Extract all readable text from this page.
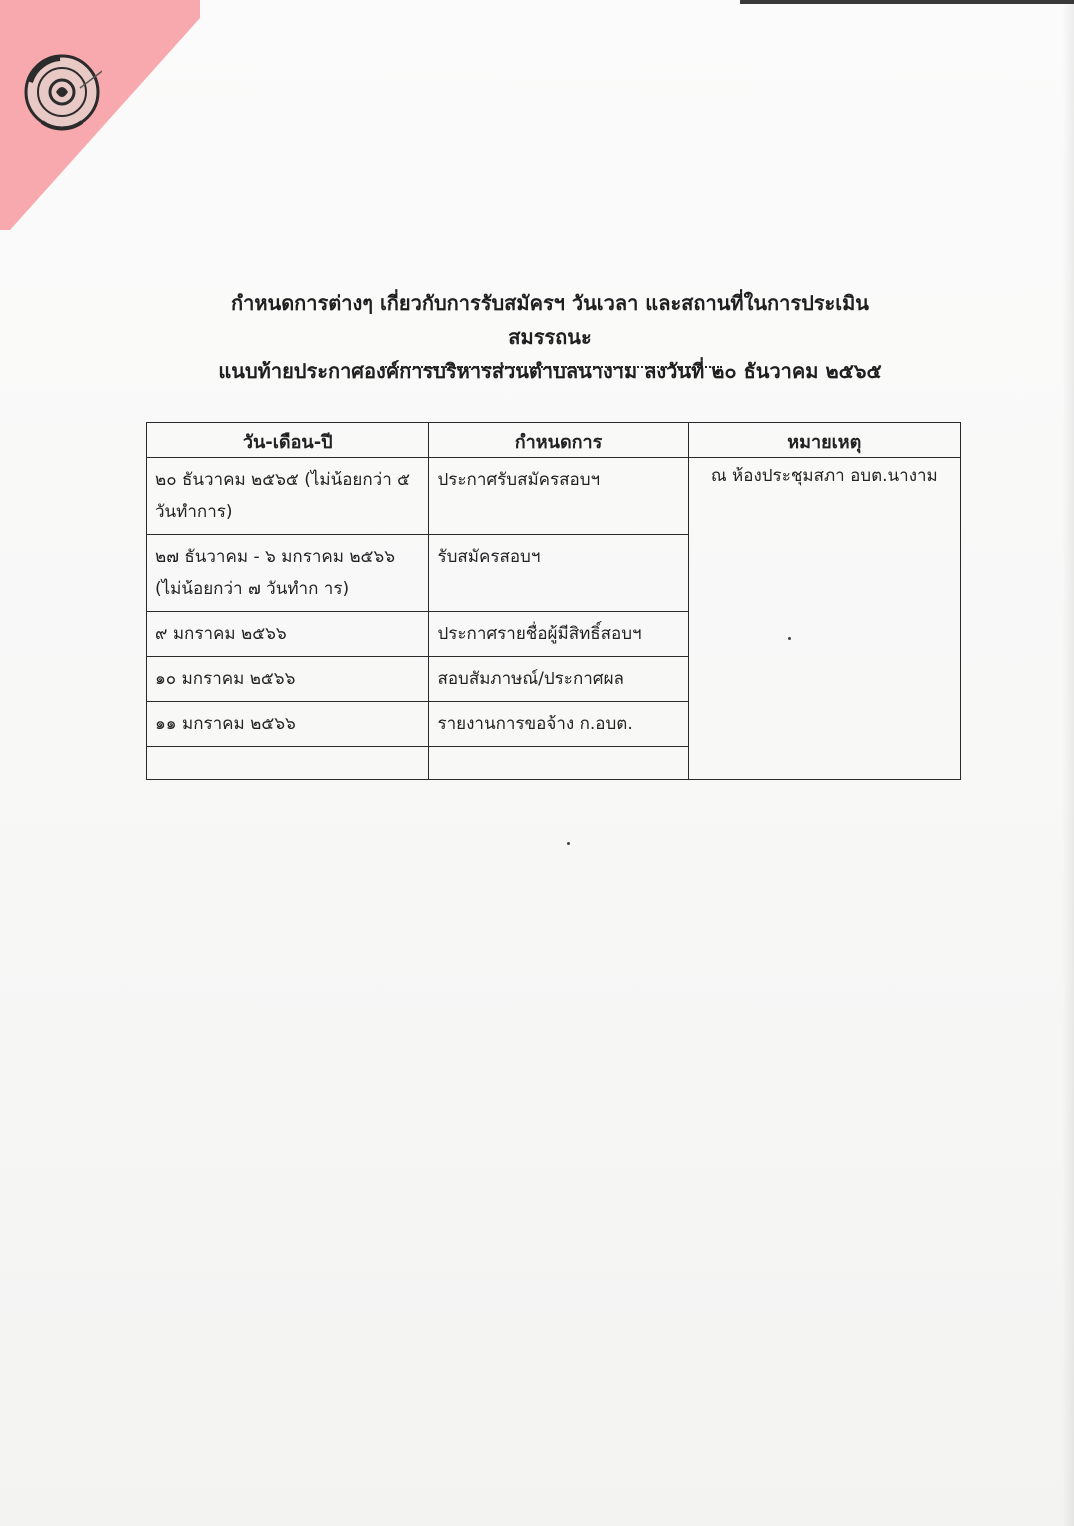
กำหนดการต่างๆ เกี่ยวกับการรับสมัครฯ วันเวลา และสถานที่ในการประเมินสมรรถนะ
แนบท้ายประกาศองค์การบริหารส่วนตำบลนางาม ลงวันที่ ๒๐ ธันวาคม ๒๕๖๕
วัน-เดือน-ปี	กำหนดการ	หมายเหตุ
๒๐ ธันวาคม ๒๕๖๕ (ไม่น้อยกว่า ๕ วันทำการ)	ประกาศรับสมัครสอบฯ	ณ ห้องประชุมสภา อบต.นางาม
๒๗ ธันวาคม - ๖ มกราคม ๒๕๖๖ (ไม่น้อยกว่า ๗ วันทำก าร)	รับสมัครสอบฯ	
๙ มกราคม ๒๕๖๖	ประกาศรายชื่อผู้มีสิทธิ์สอบฯ	
๑๐ มกราคม ๒๕๖๖	สอบสัมภาษณ์/ประกาศผล	
๑๑ มกราคม ๒๕๖๖	รายงานการขอจ้าง ก.อบต.	
